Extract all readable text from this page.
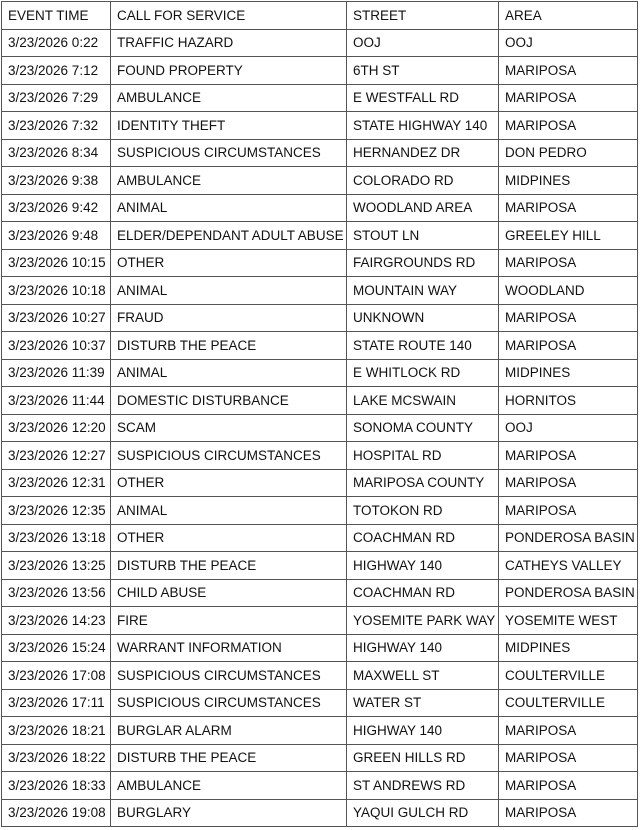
EVENT TIME	CALL FOR SERVICE	STREET	AREA
3/23/2026 0:22	TRAFFIC HAZARD	OOJ	OOJ
3/23/2026 7:12	FOUND PROPERTY	6TH ST	MARIPOSA
3/23/2026 7:29	AMBULANCE	E WESTFALL RD	MARIPOSA
3/23/2026 7:32	IDENTITY THEFT	STATE HIGHWAY 140	MARIPOSA
3/23/2026 8:34	SUSPICIOUS CIRCUMSTANCES	HERNANDEZ DR	DON PEDRO
3/23/2026 9:38	AMBULANCE	COLORADO RD	MIDPINES
3/23/2026 9:42	ANIMAL	WOODLAND AREA	MARIPOSA
3/23/2026 9:48	ELDER/DEPENDANT ADULT ABUSE	STOUT LN	GREELEY HILL
3/23/2026 10:15	OTHER	FAIRGROUNDS RD	MARIPOSA
3/23/2026 10:18	ANIMAL	MOUNTAIN WAY	WOODLAND
3/23/2026 10:27	FRAUD	UNKNOWN	MARIPOSA
3/23/2026 10:37	DISTURB THE PEACE	STATE ROUTE 140	MARIPOSA
3/23/2026 11:39	ANIMAL	E WHITLOCK RD	MIDPINES
3/23/2026 11:44	DOMESTIC DISTURBANCE	LAKE MCSWAIN	HORNITOS
3/23/2026 12:20	SCAM	SONOMA COUNTY	OOJ
3/23/2026 12:27	SUSPICIOUS CIRCUMSTANCES	HOSPITAL RD	MARIPOSA
3/23/2026 12:31	OTHER	MARIPOSA COUNTY	MARIPOSA
3/23/2026 12:35	ANIMAL	TOTOKON RD	MARIPOSA
3/23/2026 13:18	OTHER	COACHMAN RD	PONDEROSA BASIN
3/23/2026 13:25	DISTURB THE PEACE	HIGHWAY 140	CATHEYS VALLEY
3/23/2026 13:56	CHILD ABUSE	COACHMAN RD	PONDEROSA BASIN
3/23/2026 14:23	FIRE	YOSEMITE PARK WAY	YOSEMITE WEST
3/23/2026 15:24	WARRANT INFORMATION	HIGHWAY 140	MIDPINES
3/23/2026 17:08	SUSPICIOUS CIRCUMSTANCES	MAXWELL ST	COULTERVILLE
3/23/2026 17:11	SUSPICIOUS CIRCUMSTANCES	WATER ST	COULTERVILLE
3/23/2026 18:21	BURGLAR ALARM	HIGHWAY 140	MARIPOSA
3/23/2026 18:22	DISTURB THE PEACE	GREEN HILLS RD	MARIPOSA
3/23/2026 18:33	AMBULANCE	ST ANDREWS RD	MARIPOSA
3/23/2026 19:08	BURGLARY	YAQUI GULCH RD	MARIPOSA
